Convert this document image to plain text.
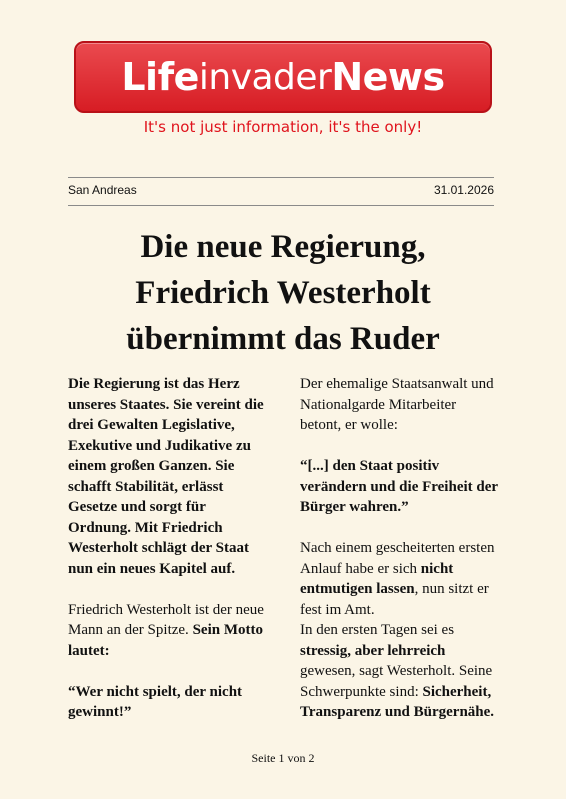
Life invader News
It's not just information, it's the only!
San Andreas	31.01.2026
Die neue Regierung,
Friedrich Westerholt
übernimmt das Ruder

Die Regierung ist das Herz unseres Staates. Sie vereint die drei Gewalten Legislative, Exekutive und Judikative zu einem großen Ganzen. Sie schafft Stabilität, erlässt Gesetze und sorgt für Ordnung. Mit Friedrich Westerholt schlägt der Staat nun ein neues Kapitel auf.

Friedrich Westerholt ist der neue Mann an der Spitze. Sein Motto lautet:

“Wer nicht spielt, der nicht gewinnt!”

Der ehemalige Staatsanwalt und Nationalgarde Mitarbeiter betont, er wolle:

“[...] den Staat positiv verändern und die Freiheit der Bürger wahren.”

Nach einem gescheiterten ersten Anlauf habe er sich nicht entmutigen lassen, nun sitzt er fest im Amt.

In den ersten Tagen sei es stressig, aber lehrreich gewesen, sagt Westerholt. Seine Schwerpunkte sind: Sicherheit, Transparenz und Bürgernähe.

Seite 1 von 2
